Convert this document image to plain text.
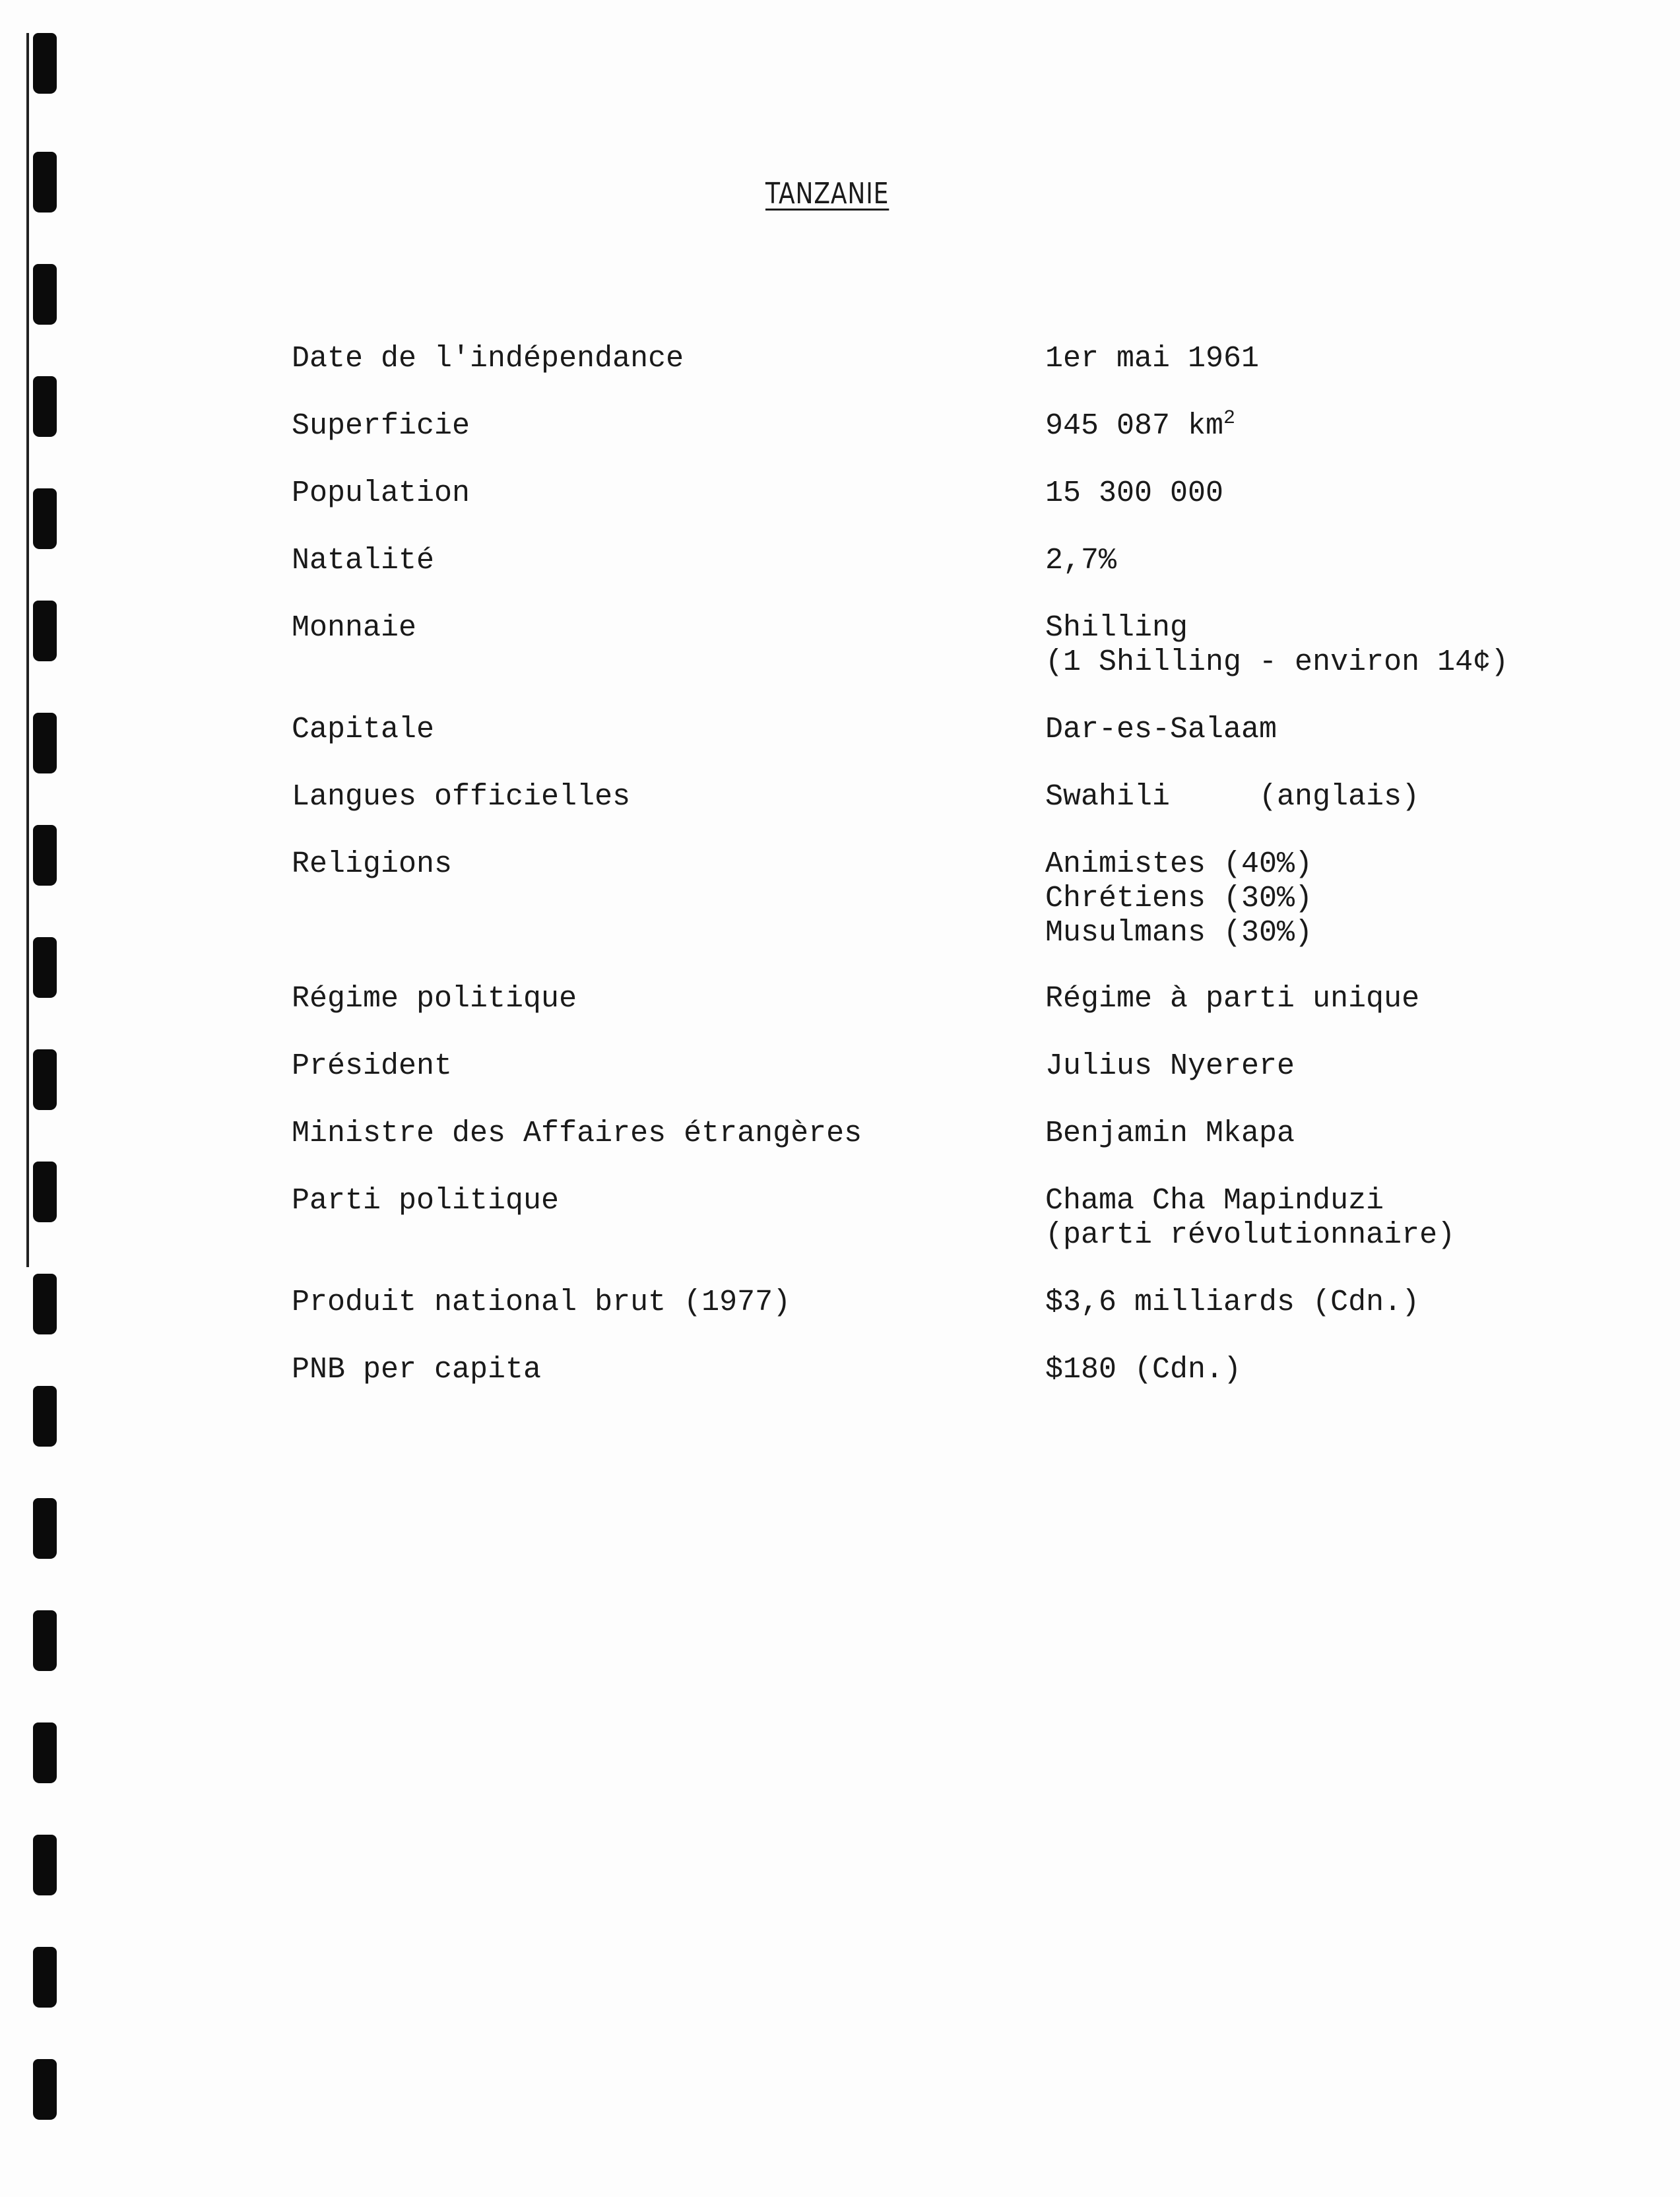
TANZANIE
Date de l'indépendance	1er mai 1961
Superficie	945 087 $km^2$
Population	15 300 000
Natalité	2,7%
Monnaie	Shilling
(1 Shilling - environ 14¢)
Capitale	Dar-es-Salaam
Langues officielles	Swahili     (anglais)
Religions	Animistes (40%)
Chrétiens (30%)
Musulmans (30%)
Régime politique	Régime à parti unique
Président	Julius Nyerere
Ministre des Affaires étrangères	Benjamin Mkapa
Parti politique	Chama Cha Mapinduzi
(parti révolutionnaire)
Produit national brut (1977)	$3,6 milliards (Cdn.)
PNB per capita	$180 (Cdn.)
